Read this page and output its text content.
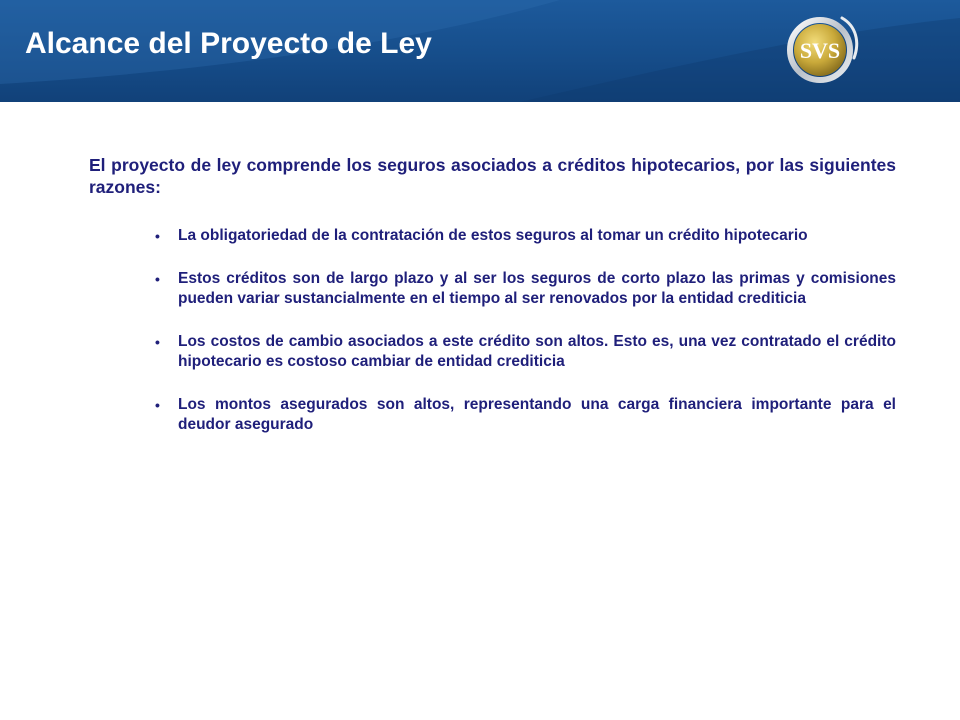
Alcance del Proyecto de Ley	SVS

El proyecto de ley comprende los seguros asociados a créditos hipotecarios, por las siguientes razones:

• La obligatoriedad de la contratación de estos seguros al tomar un crédito hipotecario
• Estos créditos son de largo plazo y al ser los seguros de corto plazo las primas y comisiones pueden variar sustancialmente en el tiempo al ser renovados por la entidad crediticia
• Los costos de cambio asociados a este crédito son altos. Esto es, una vez contratado el crédito hipotecario es costoso cambiar de entidad crediticia
• Los montos asegurados son altos, representando una carga financiera importante para el deudor asegurado
